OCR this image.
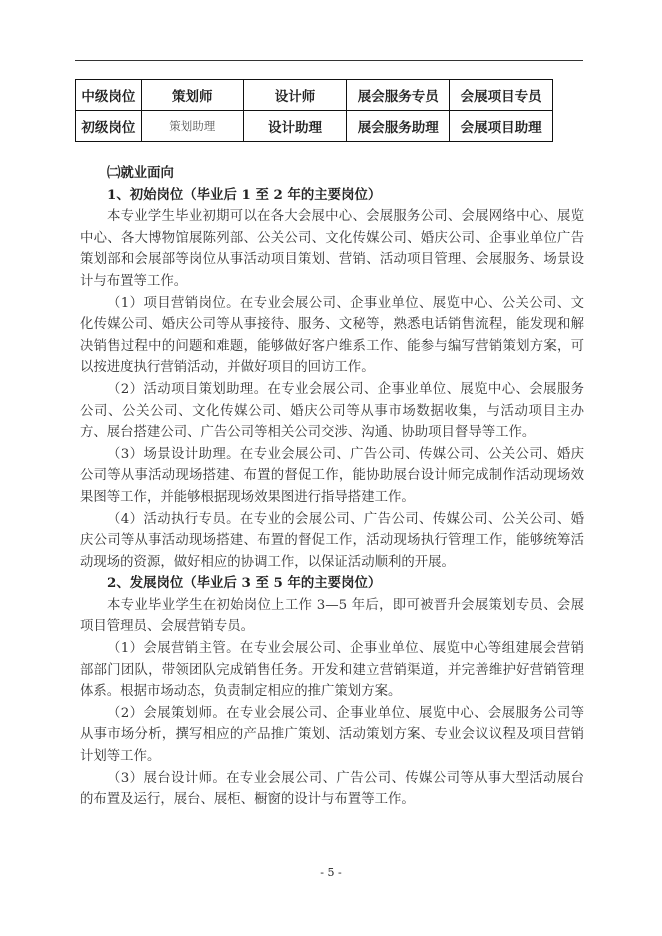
中级岗位	策划师	设计师	展会服务专员	会展项目专员
初级岗位	策划助理	设计助理	展会服务助理	会展项目助理

㈡就业面向

1、初始岗位（毕业后 1 至 2 年的主要岗位）

本专业学生毕业初期可以在各大会展中心、会展服务公司、会展网络中心、展览中心、各大博物馆展陈列部、公关公司、文化传媒公司、婚庆公司、企事业单位广告策划部和会展部等岗位从事活动项目策划、营销、活动项目管理、会展服务、场景设计与布置等工作。

（1）项目营销岗位。在专业会展公司、企事业单位、展览中心、公关公司、文化传媒公司、婚庆公司等从事接待、服务、文秘等，熟悉电话销售流程，能发现和解决销售过程中的问题和难题，能够做好客户维系工作、能参与编写营销策划方案，可以按进度执行营销活动，并做好项目的回访工作。

（2）活动项目策划助理。在专业会展公司、企事业单位、展览中心、会展服务公司、公关公司、文化传媒公司、婚庆公司等从事市场数据收集，与活动项目主办方、展台搭建公司、广告公司等相关公司交涉、沟通、协助项目督导等工作。

（3）场景设计助理。在专业会展公司、广告公司、传媒公司、公关公司、婚庆公司等从事活动现场搭建、布置的督促工作，能协助展台设计师完成制作活动现场效果图等工作，并能够根据现场效果图进行指导搭建工作。

（4）活动执行专员。在专业的会展公司、广告公司、传媒公司、公关公司、婚庆公司等从事活动现场搭建、布置的督促工作，活动现场执行管理工作，能够统筹活动现场的资源，做好相应的协调工作，以保证活动顺利的开展。

2、发展岗位（毕业后 3 至 5 年的主要岗位）

本专业毕业学生在初始岗位上工作 3—5 年后，即可被晋升会展策划专员、会展项目管理员、会展营销专员。

（1）会展营销主管。在专业会展公司、企事业单位、展览中心等组建展会营销部部门团队，带领团队完成销售任务。开发和建立营销渠道，并完善维护好营销管理体系。根据市场动态，负责制定相应的推广策划方案。

（2）会展策划师。在专业会展公司、企事业单位、展览中心、会展服务公司等从事市场分析，撰写相应的产品推广策划、活动策划方案、专业会议议程及项目营销计划等工作。

（3）展台设计师。在专业会展公司、广告公司、传媒公司等从事大型活动展台的布置及运行，展台、展柜、橱窗的设计与布置等工作。

- 5 -
